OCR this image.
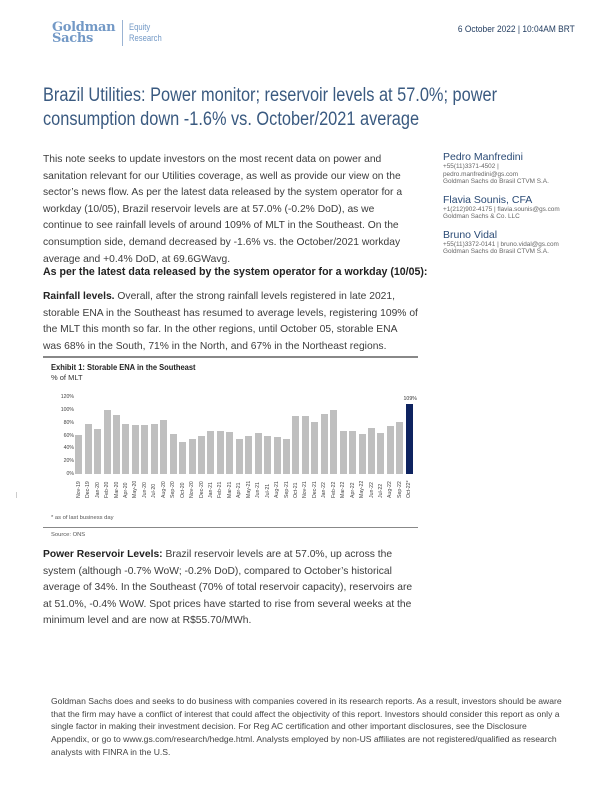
Goldman
Sachs
Equity
Research
6 October 2022 | 10:04AM BRT
Brazil Utilities: Power monitor; reservoir levels at 57.0%; power consumption down -1.6% vs. October/2021 average
This note seeks to update investors on the most recent data on power and sanitation relevant for our Utilities coverage, as well as provide our view on the sector’s news flow. As per the latest data released by the system operator for a workday (10/05), Brazil reservoir levels are at 57.0% (-0.2% DoD), as we continue to see rainfall levels of around 109% of MLT in the Southeast. On the consumption side, demand decreased by -1.6% vs. the October/2021 workday average and +0.4% DoD, at 69.6GWavg.
Pedro Manfredini
+55(11)3371-4502 |
pedro.manfredini@gs.com
Goldman Sachs do Brasil CTVM S.A.
Flavia Sounis, CFA
+1(212)902-4175 | flavia.sounis@gs.com
Goldman Sachs & Co. LLC
Bruno Vidal
+55(11)3372-0141 | bruno.vidal@gs.com
Goldman Sachs do Brasil CTVM S.A.
As per the latest data released by the system operator for a workday (10/05):
Rainfall levels. Overall, after the strong rainfall levels registered in late 2021, storable ENA in the Southeast has resumed to average levels, registering 109% of the MLT this month so far. In the other regions, until October 05, storable ENA was 68% in the South, 71% in the North, and 67% in the Northeast regions.
Exhibit 1: Storable ENA in the Southeast
% of MLT
0%
20%
40%
60%
80%
100%
120%	109%
Nov-19 Dec-19 Jan-20 Feb-20 Mar-20 Apr-20 May-20 Jun-20 Jul-20 Aug-20 Sep-20 Oct-20 Nov-20 Dec-20 Jan-21 Feb-21 Mar-21 Apr-21 May-21 Jun-21 Jul-21 Aug-21 Sep-21 Oct-21 Nov-21 Dec-21 Jan-22 Feb-22 Mar-22 Apr-22 May-22 Jun-22 Jul-22 Aug-22 Sep-22 Oct-22*
* as of last business day
Source: ONS
Power Reservoir Levels: Brazil reservoir levels are at 57.0%, up across the system (although -0.7% WoW; -0.2% DoD), compared to October’s historical average of 34%. In the Southeast (70% of total reservoir capacity), reservoirs are at 51.0%, -0.4% WoW. Spot prices have started to rise from several weeks at the minimum level and are now at R$55.70/MWh.
Goldman Sachs does and seeks to do business with companies covered in its research reports. As a result, investors should be aware that the firm may have a conflict of interest that could affect the objectivity of this report. Investors should consider this report as only a single factor in making their investment decision. For Reg AC certification and other important disclosures, see the Disclosure Appendix, or go to www.gs.com/research/hedge.html. Analysts employed by non-US affiliates are not registered/qualified as research analysts with FINRA in the U.S.
